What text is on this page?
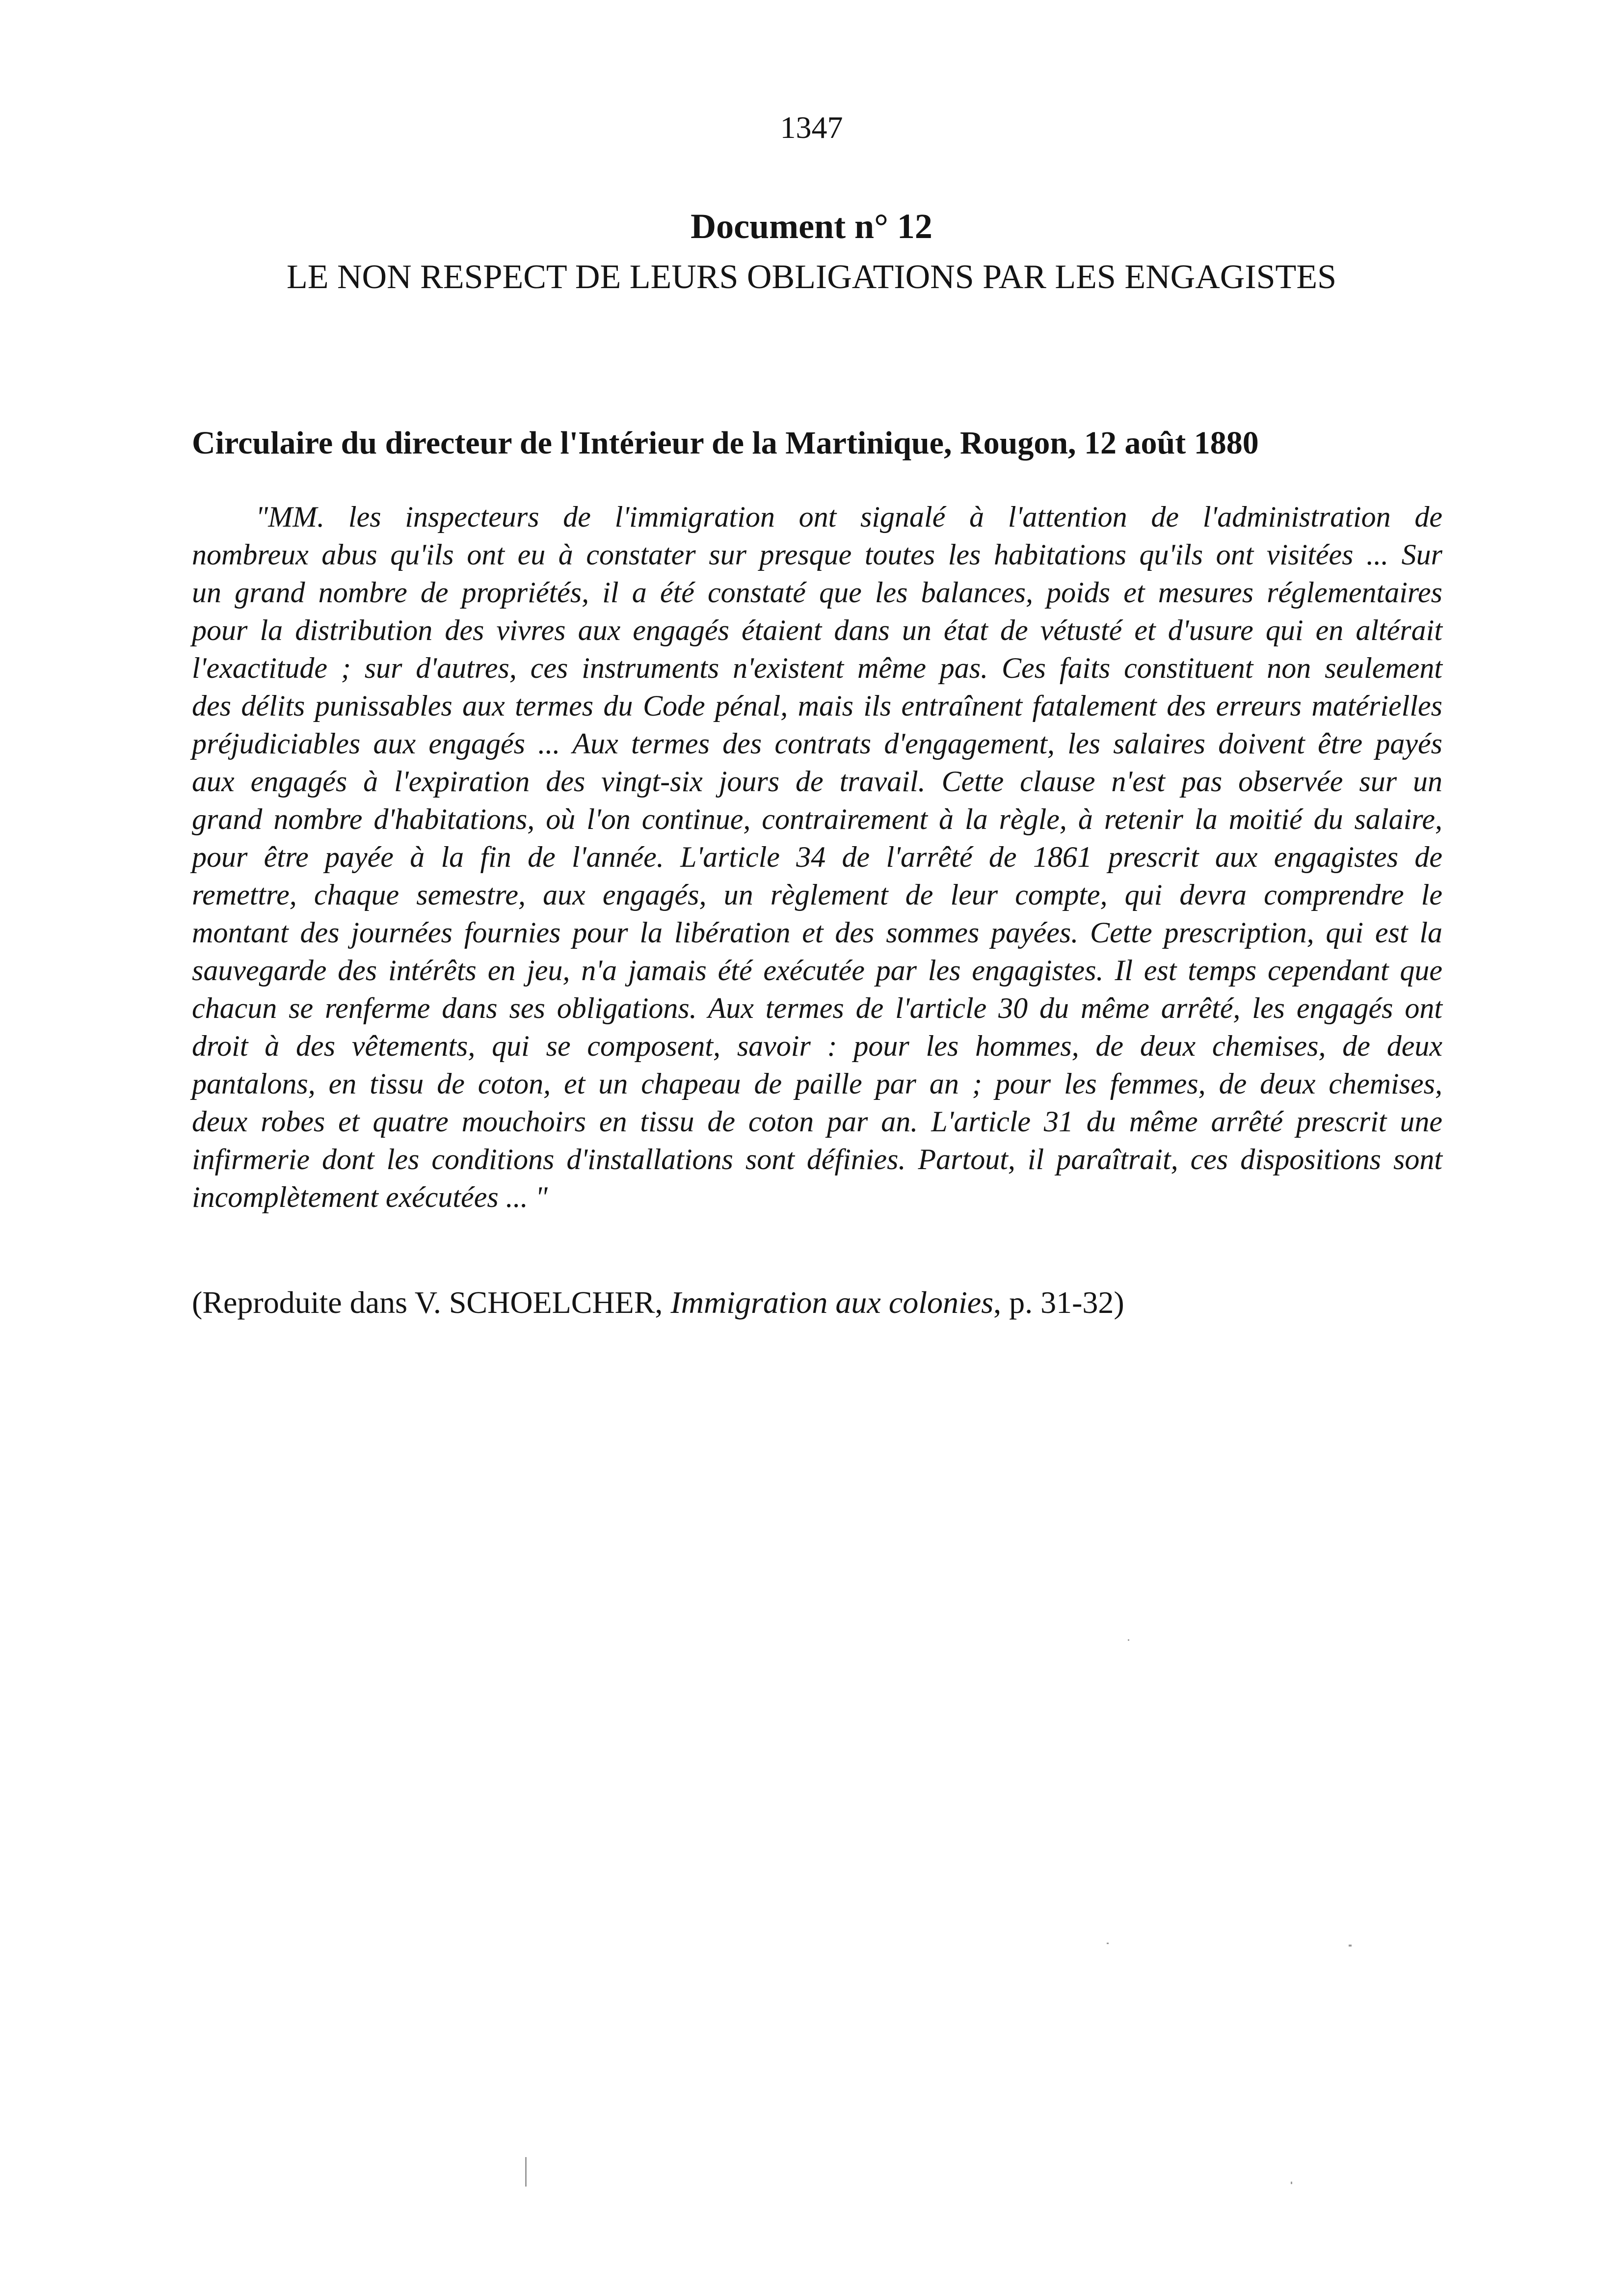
1347
Document n° 12
LE NON RESPECT DE LEURS OBLIGATIONS PAR LES ENGAGISTES
Circulaire du directeur de l'Intérieur de la Martinique, Rougon, 12 août 1880
"MM. les inspecteurs de l'immigration ont signalé à l'attention de l'administration de
nombreux abus qu'ils ont eu à constater sur presque toutes les habitations qu'ils ont visitées ... Sur
un grand nombre de propriétés, il a été constaté que les balances, poids et mesures réglementaires
pour la distribution des vivres aux engagés étaient dans un état de vétusté et d'usure qui en altérait
l'exactitude ; sur d'autres, ces instruments n'existent même pas. Ces faits constituent non seulement
des délits punissables aux termes du Code pénal, mais ils entraînent fatalement des erreurs matérielles
préjudiciables aux engagés ... Aux termes des contrats d'engagement, les salaires doivent être payés
aux engagés à l'expiration des vingt-six jours de travail. Cette clause n'est pas observée sur un
grand nombre d'habitations, où l'on continue, contrairement à la règle, à retenir la moitié du salaire,
pour être payée à la fin de l'année. L'article 34 de l'arrêté de 1861 prescrit aux engagistes de
remettre, chaque semestre, aux engagés, un règlement de leur compte, qui devra comprendre le
montant des journées fournies pour la libération et des sommes payées. Cette prescription, qui est la
sauvegarde des intérêts en jeu, n'a jamais été exécutée par les engagistes. Il est temps cependant que
chacun se renferme dans ses obligations. Aux termes de l'article 30 du même arrêté, les engagés ont
droit à des vêtements, qui se composent, savoir : pour les hommes, de deux chemises, de deux
pantalons, en tissu de coton, et un chapeau de paille par an ; pour les femmes, de deux chemises,
deux robes et quatre mouchoirs en tissu de coton par an. L'article 31 du même arrêté prescrit une
infirmerie dont les conditions d'installations sont définies. Partout, il paraîtrait, ces dispositions sont
incomplètement exécutées ... "
(Reproduite dans V. SCHOELCHER, Immigration aux colonies, p. 31-32)
